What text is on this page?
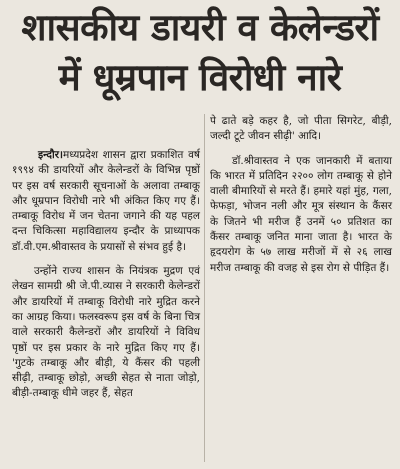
शासकीय डायरी व केलेन्डरों
में धूम्रपान विरोधी नारे

इन्दौर।मध्यप्रदेश शासन द्वारा प्रकाशित वर्ष १९९४ की डायरियों और केलेन्डरों के विभिन्न पृष्ठों पर इस वर्ष सरकारी सूचनाओं के अलावा तम्बाकू और धूम्रपान विरोधी नारे भी अंकित किए गए हैं। तम्बाकू विरोध में जन चेतना जगाने की यह पहल दन्त चिकित्सा महाविद्यालय इन्दौर के प्राध्यापक डॉ.वी.एम.श्रीवास्तव के प्रयासों से संभव हुई है।

उन्होंने राज्य शासन के नियंत्रक मुद्रण एवं लेखन सामग्री श्री जे.पी.व्यास ने सरकारी केलेन्डरों और डायरियों में तम्बाकू विरोधी नारे मुद्रित करने का आग्रह किया। फलस्वरूप इस वर्ष के बिना चित्र वाले सरकारी कैलेन्डरों और डायरियों ने विविध पृष्ठों पर इस प्रकार के नारे मुद्रित किए गए हैं। 'गुटके तम्बाकू और बीड़ी, ये कैंसर की पहली सीढ़ी, तम्बाकू छोड़ो, अच्छी सेहत से नाता जोड़ो, बीड़ी-तम्बाकू धीमे जहर हैं, सेहत

पे ढाते बड़े कहर है, जो पीता सिगरेट, बीड़ी, जल्दी टूटे जीवन सीढ़ी' आदि।

डॉ.श्रीवास्तव ने एक जानकारी में बताया कि भारत में प्रतिदिन २२०० लोग तम्बाकू से होने वाली बीमारियों से मरते हैं। हमारे यहां मुंह, गला, फेफड़ा, भोजन नली और मूत्र संस्थान के कैंसर के जितने भी मरीज हैं उनमें ५० प्रतिशत का कैंसर तम्बाकू जनित माना जाता है। भारत के हृदयरोग के ५७ लाख मरीजों में से २६ लाख मरीज तम्बाकू की वजह से इस रोग से पीड़ित हैं।
